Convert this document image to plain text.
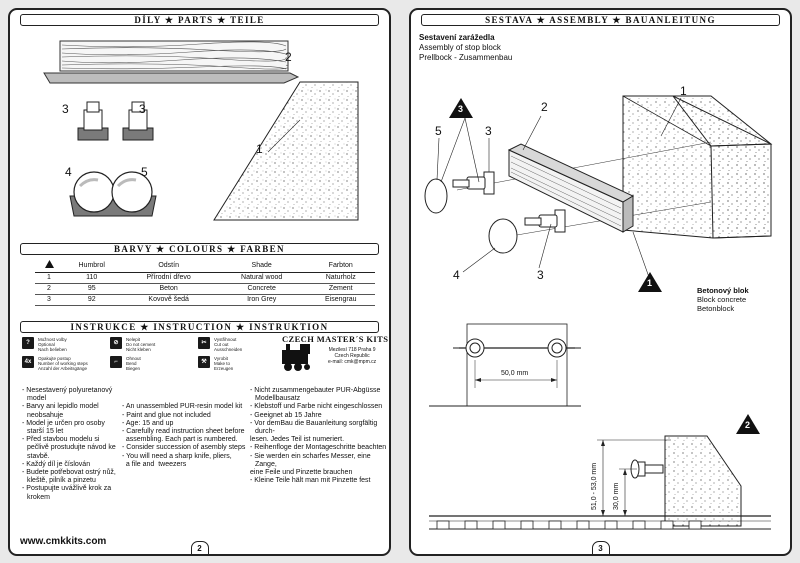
DÍLY ★ PARTS ★ TEILE
2
3	3
4	5
1
BARVY ★ COLOURS ★ FARBEN
	Humbrol	Odstín	Shade	Farbton
1	110	Přírodní dřevo	Natural wood	Naturholz
2	95	Beton	Concrete	Zement
3	92	Kovově šedá	Iron Grey	Eisengrau
INSTRUKCE ★ INSTRUCTION ★ INSTRUKTION
?
Možnost volby
Optional
Nach belieben
⊘
Nelepit
Do not cement
Nicht kleben
✂
Vystřihnout
Cut out
Ausschneiden
4x
Opakujte postup
Number of working steps
Anzahl der Arbeitsgänge
⌐
Ohnout
Bend
Biegen
⚒
Vyrobit
Make to
Erzeugen
CZECH MASTER´S KITS
Mezilesí 718 Praha 9
Czech Republic
e-mail: cmk@mpm.cz
- Nesestavený polyuretanový model
- Barvy ani lepidlo model neobsahuje
- Model je určen pro osoby starší 15 let
- Před stavbou modelu si pečlivě prostudujte návod ke stavbě.
- Každý díl je číslován
- Budete potřebovat ostrý nůž, kleště, pilník a pinzetu
- Postupujte uvážlivě krok za krokem

- An unassembled PUR-resin model kit
- Paint and glue not included
- Age: 15 and up
- Carefully read instruction sheet before
assembling. Each part is numbered.
- Consider succession of asembly steps
- You will need a sharp knife, pliers,
a file and  tweezers

- Nicht zusammengebauter PUR-Abgüsse Modellbausatz
- Klebstoff und Farbe nicht eingeschlossen
- Geeignet ab 15 Jahre
- Vor demBau die Bauanleitung sorgfältig durch-
lesen. Jedes Teil ist numeriert.
- Reihenfloge der Montageschritte beachten
- Sie werden ein scharfes Messer, eine Zange,
eine Feile und Pinzette brauchen
- Kleine Teile hält man mit Pinzette fest
www.cmkkits.com
2
SESTAVA ★ ASSEMBLY ★ BAUANLEITUNG
Sestavení zarážedla
Assembly of stop block
Prellbock - Zusammenbau
3
1
2
5	3
2
1
4	3
Betonový blok
Block concrete
Betonblock
50,0 mm
51,0 - 53,0 mm 30,0 mm
3
